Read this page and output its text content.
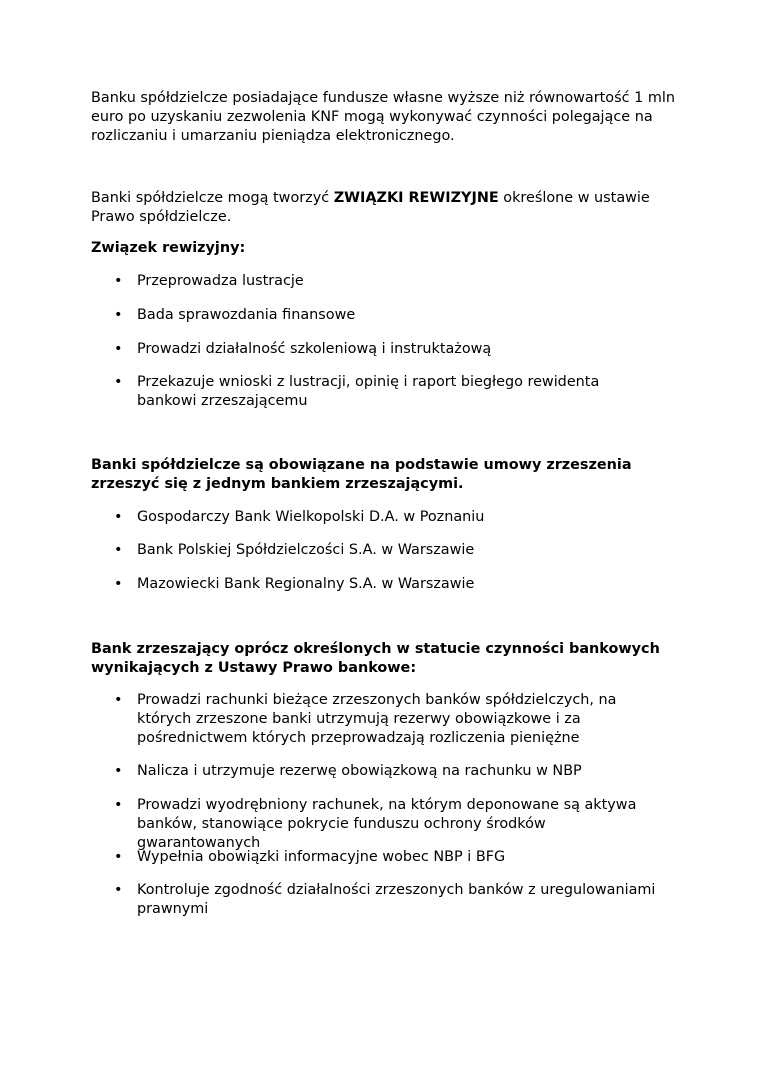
Banku spółdzielcze posiadające fundusze własne wyższe niż równowartość 1 mln euro po uzyskaniu zezwolenia KNF mogą wykonywać czynności polegające na rozliczaniu i umarzaniu pieniądza elektronicznego.

Banki spółdzielcze mogą tworzyć ZWIĄZKI REWIZYJNE określone w ustawie Prawo spółdzielcze.

Związek rewizyjny:

• Przeprowadza lustracje

• Bada sprawozdania finansowe

• Prowadzi działalność szkoleniową i instruktażową

• Przekazuje wnioski z lustracji, opinię i raport biegłego rewidenta bankowi zrzeszającemu

Banki spółdzielcze są obowiązane na podstawie umowy zrzeszenia zrzeszyć się z jednym bankiem zrzeszającymi.

• Gospodarczy Bank Wielkopolski D.A. w Poznaniu

• Bank Polskiej Spółdzielczości S.A. w Warszawie

• Mazowiecki Bank Regionalny S.A. w Warszawie

Bank zrzeszający oprócz określonych w statucie czynności bankowych wynikających z Ustawy Prawo bankowe:

• Prowadzi rachunki bieżące zrzeszonych banków spółdzielczych, na których zrzeszone banki utrzymują rezerwy obowiązkowe i za pośrednictwem których przeprowadzają rozliczenia pieniężne

• Nalicza i utrzymuje rezerwę obowiązkową na rachunku w NBP

• Prowadzi wyodrębniony rachunek, na którym deponowane są aktywa banków, stanowiące pokrycie funduszu ochrony środków gwarantowanych

• Wypełnia obowiązki informacyjne wobec NBP i BFG

• Kontroluje zgodność działalności zrzeszonych banków z uregulowaniami prawnymi
